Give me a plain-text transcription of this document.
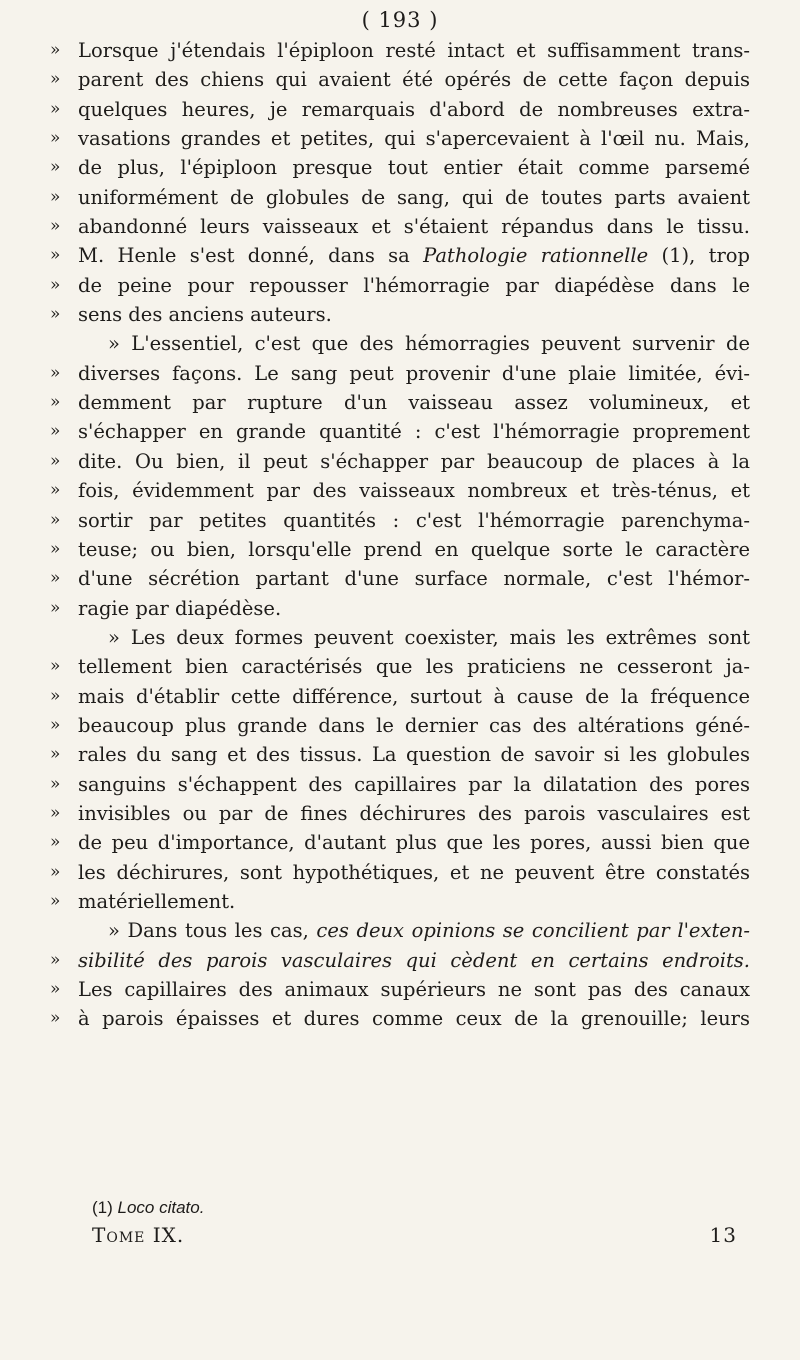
( 193 )
» Lorsque j'étendais l'épiploon resté intact et suffisamment trans-
» parent des chiens qui avaient été opérés de cette façon depuis
» quelques heures, je remarquais d'abord de nombreuses extra-
» vasations grandes et petites, qui s'apercevaient à l'œil nu. Mais,
» de plus, l'épiploon presque tout entier était comme parsemé
» uniformément de globules de sang, qui de toutes parts avaient
» abandonné leurs vaisseaux et s'étaient répandus dans le tissu.
» M. Henle s'est donné, dans sa Pathologie rationnelle (1), trop
» de peine pour repousser l'hémorragie par diapédèse dans le
» sens des anciens auteurs.
» L'essentiel, c'est que des hémorragies peuvent survenir de
» diverses façons. Le sang peut provenir d'une plaie limitée, évi-
» demment par rupture d'un vaisseau assez volumineux, et
» s'échapper en grande quantité : c'est l'hémorragie proprement
» dite. Ou bien, il peut s'échapper par beaucoup de places à la
» fois, évidemment par des vaisseaux nombreux et très-ténus, et
» sortir par petites quantités : c'est l'hémorragie parenchyma-
» teuse; ou bien, lorsqu'elle prend en quelque sorte le caractère
» d'une sécrétion partant d'une surface normale, c'est l'hémor-
» ragie par diapédèse.
» Les deux formes peuvent coexister, mais les extrêmes sont
» tellement bien caractérisés que les praticiens ne cesseront ja-
» mais d'établir cette différence, surtout à cause de la fréquence
» beaucoup plus grande dans le dernier cas des altérations géné-
» rales du sang et des tissus. La question de savoir si les globules
» sanguins s'échappent des capillaires par la dilatation des pores
» invisibles ou par de fines déchirures des parois vasculaires est
» de peu d'importance, d'autant plus que les pores, aussi bien que
» les déchirures, sont hypothétiques, et ne peuvent être constatés
» matériellement.
» Dans tous les cas, ces deux opinions se concilient par l'exten-
» sibilité des parois vasculaires qui cèdent en certains endroits.
» Les capillaires des animaux supérieurs ne sont pas des canaux
» à parois épaisses et dures comme ceux de la grenouille; leurs
(1) Loco citato.
Tome IX.	13
